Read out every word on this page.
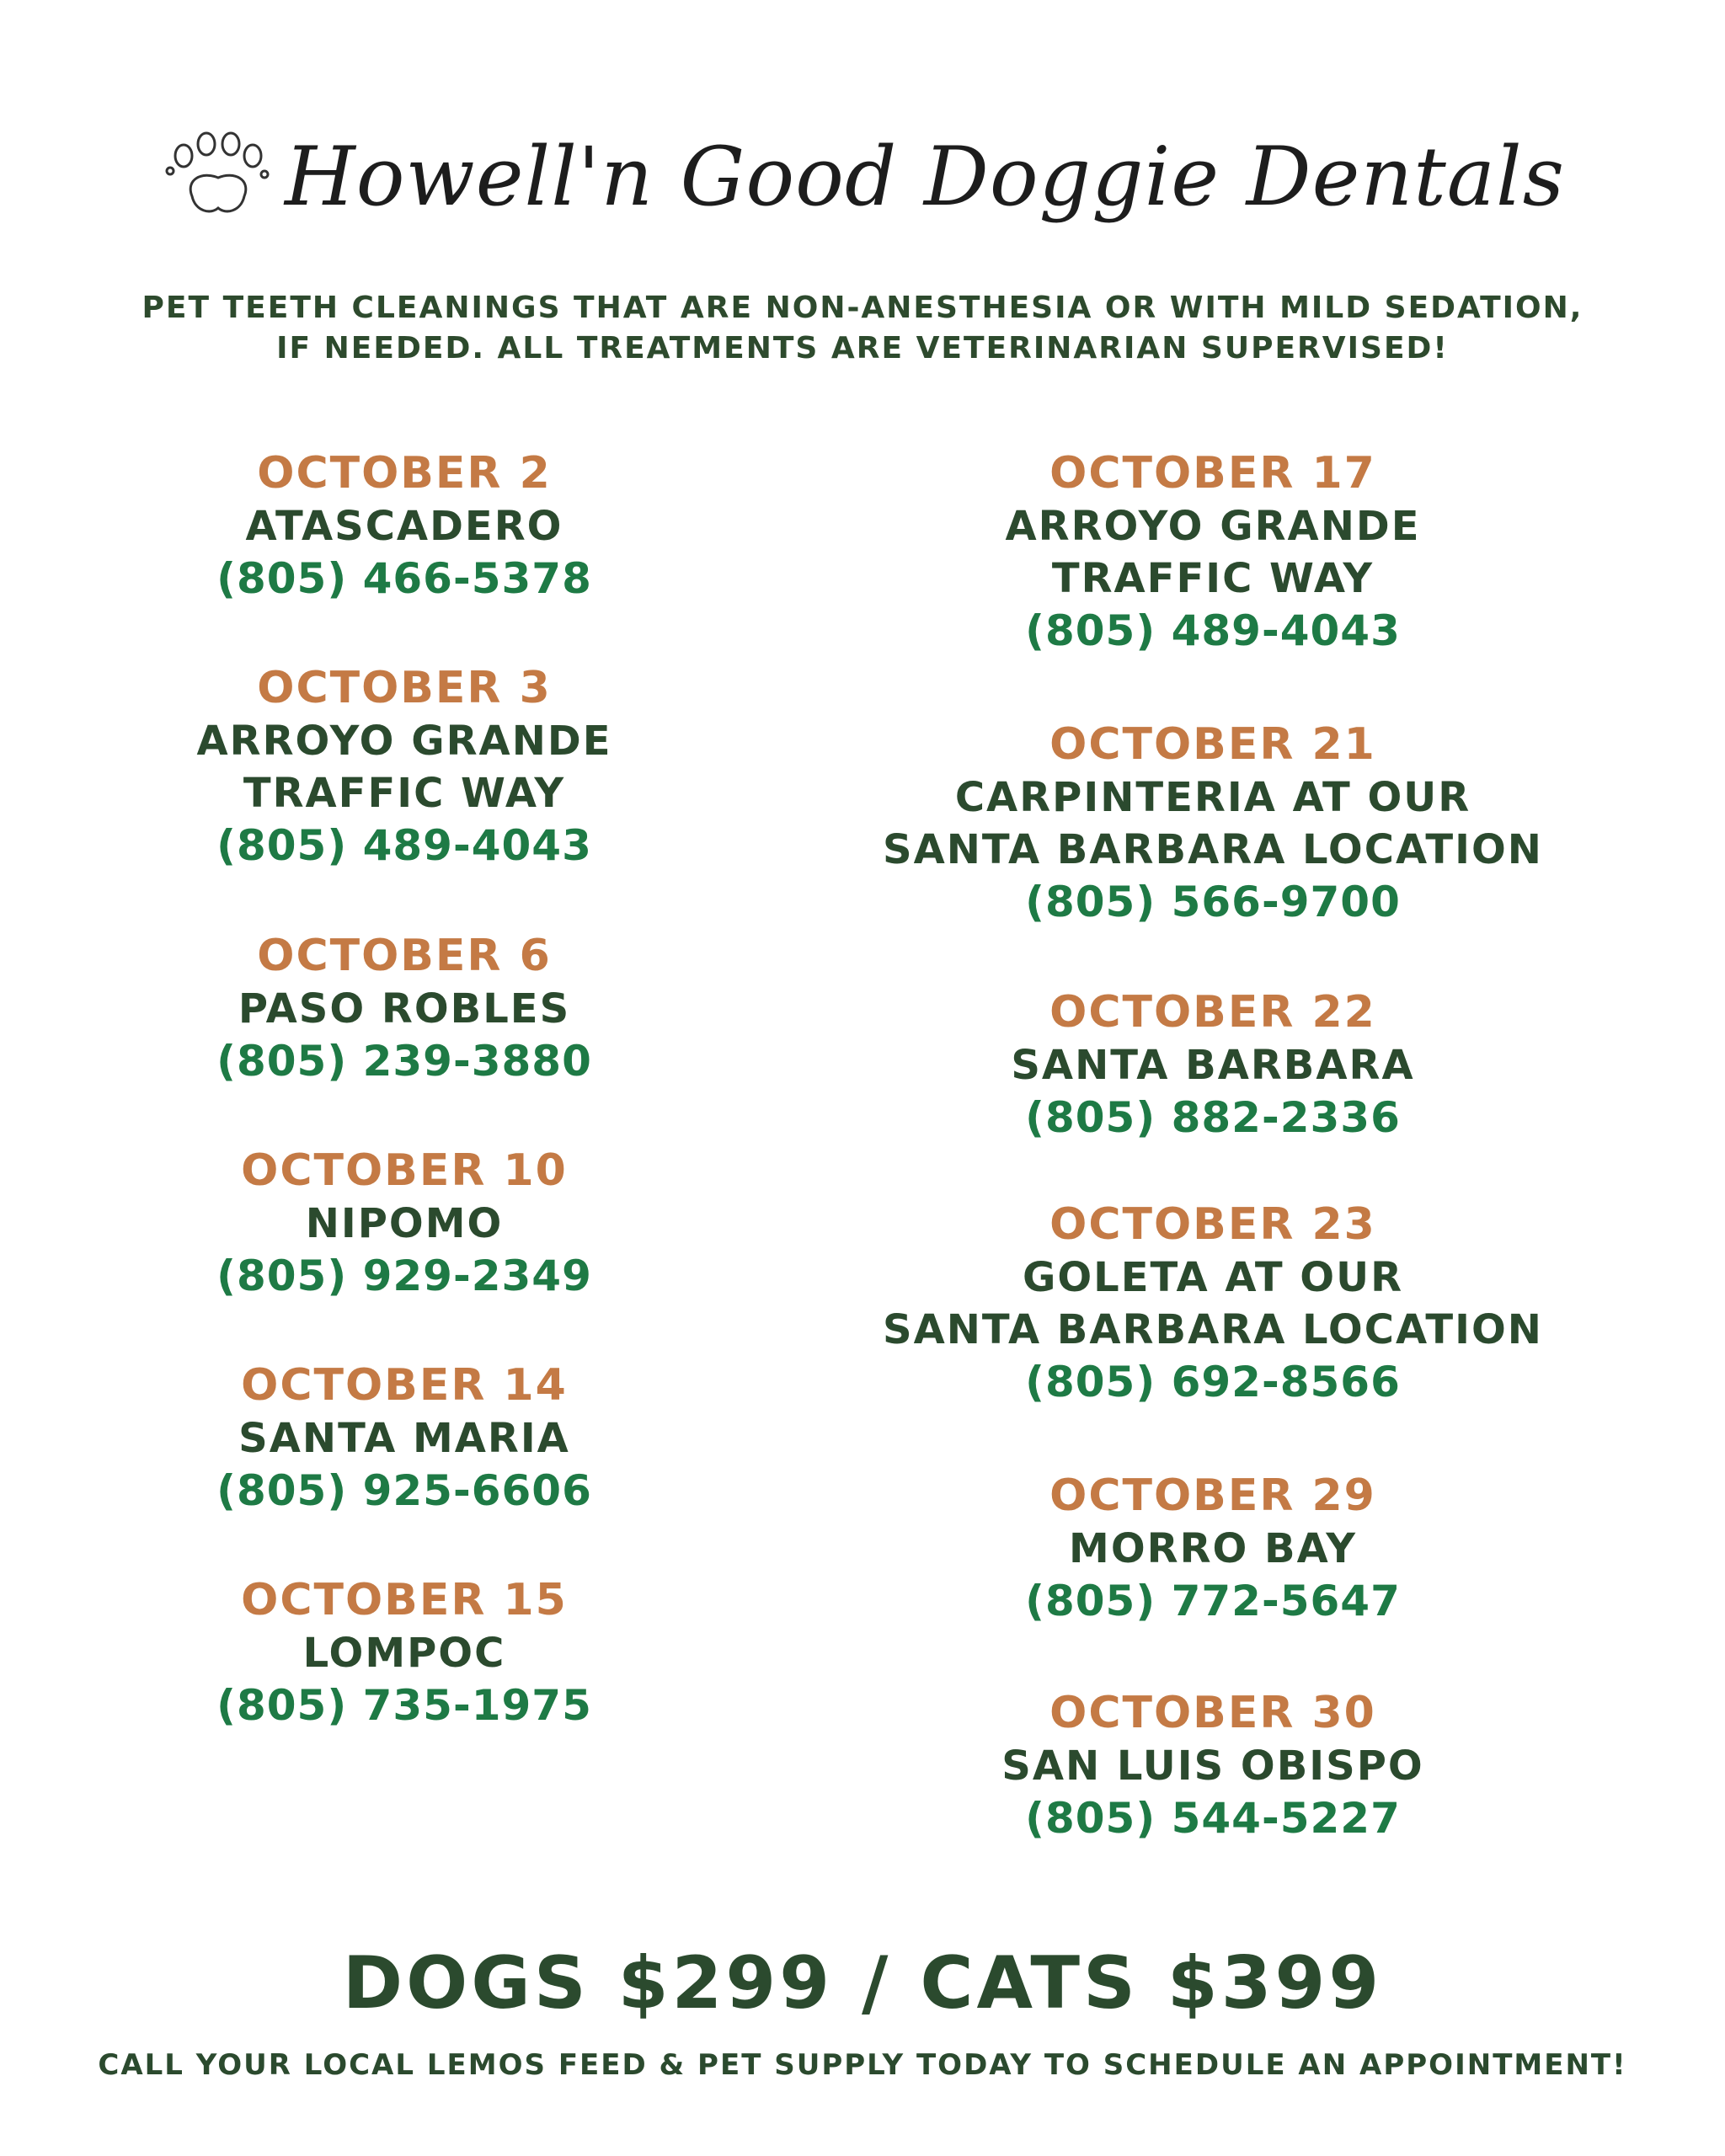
Howell'n Good Doggie Dentals
PET TEETH CLEANINGS THAT ARE NON-ANESTHESIA OR WITH MILD SEDATION,
IF NEEDED. ALL TREATMENTS ARE VETERINARIAN SUPERVISED!
OCTOBER 2
ATASCADERO
(805) 466-5378
OCTOBER 3
ARROYO GRANDE
TRAFFIC WAY
(805) 489-4043
OCTOBER 6
PASO ROBLES
(805) 239-3880
OCTOBER 10
NIPOMO
(805) 929-2349
OCTOBER 14
SANTA MARIA
(805) 925-6606
OCTOBER 15
LOMPOC
(805) 735-1975
OCTOBER 17
ARROYO GRANDE
TRAFFIC WAY
(805) 489-4043
OCTOBER 21
CARPINTERIA AT OUR
SANTA BARBARA LOCATION
(805) 566-9700
OCTOBER 22
SANTA BARBARA
(805) 882-2336
OCTOBER 23
GOLETA AT OUR
SANTA BARBARA LOCATION
(805) 692-8566
OCTOBER 29
MORRO BAY
(805) 772-5647
OCTOBER 30
SAN LUIS OBISPO
(805) 544-5227
DOGS $299 / CATS $399
CALL YOUR LOCAL LEMOS FEED & PET SUPPLY TODAY TO SCHEDULE AN APPOINTMENT!
